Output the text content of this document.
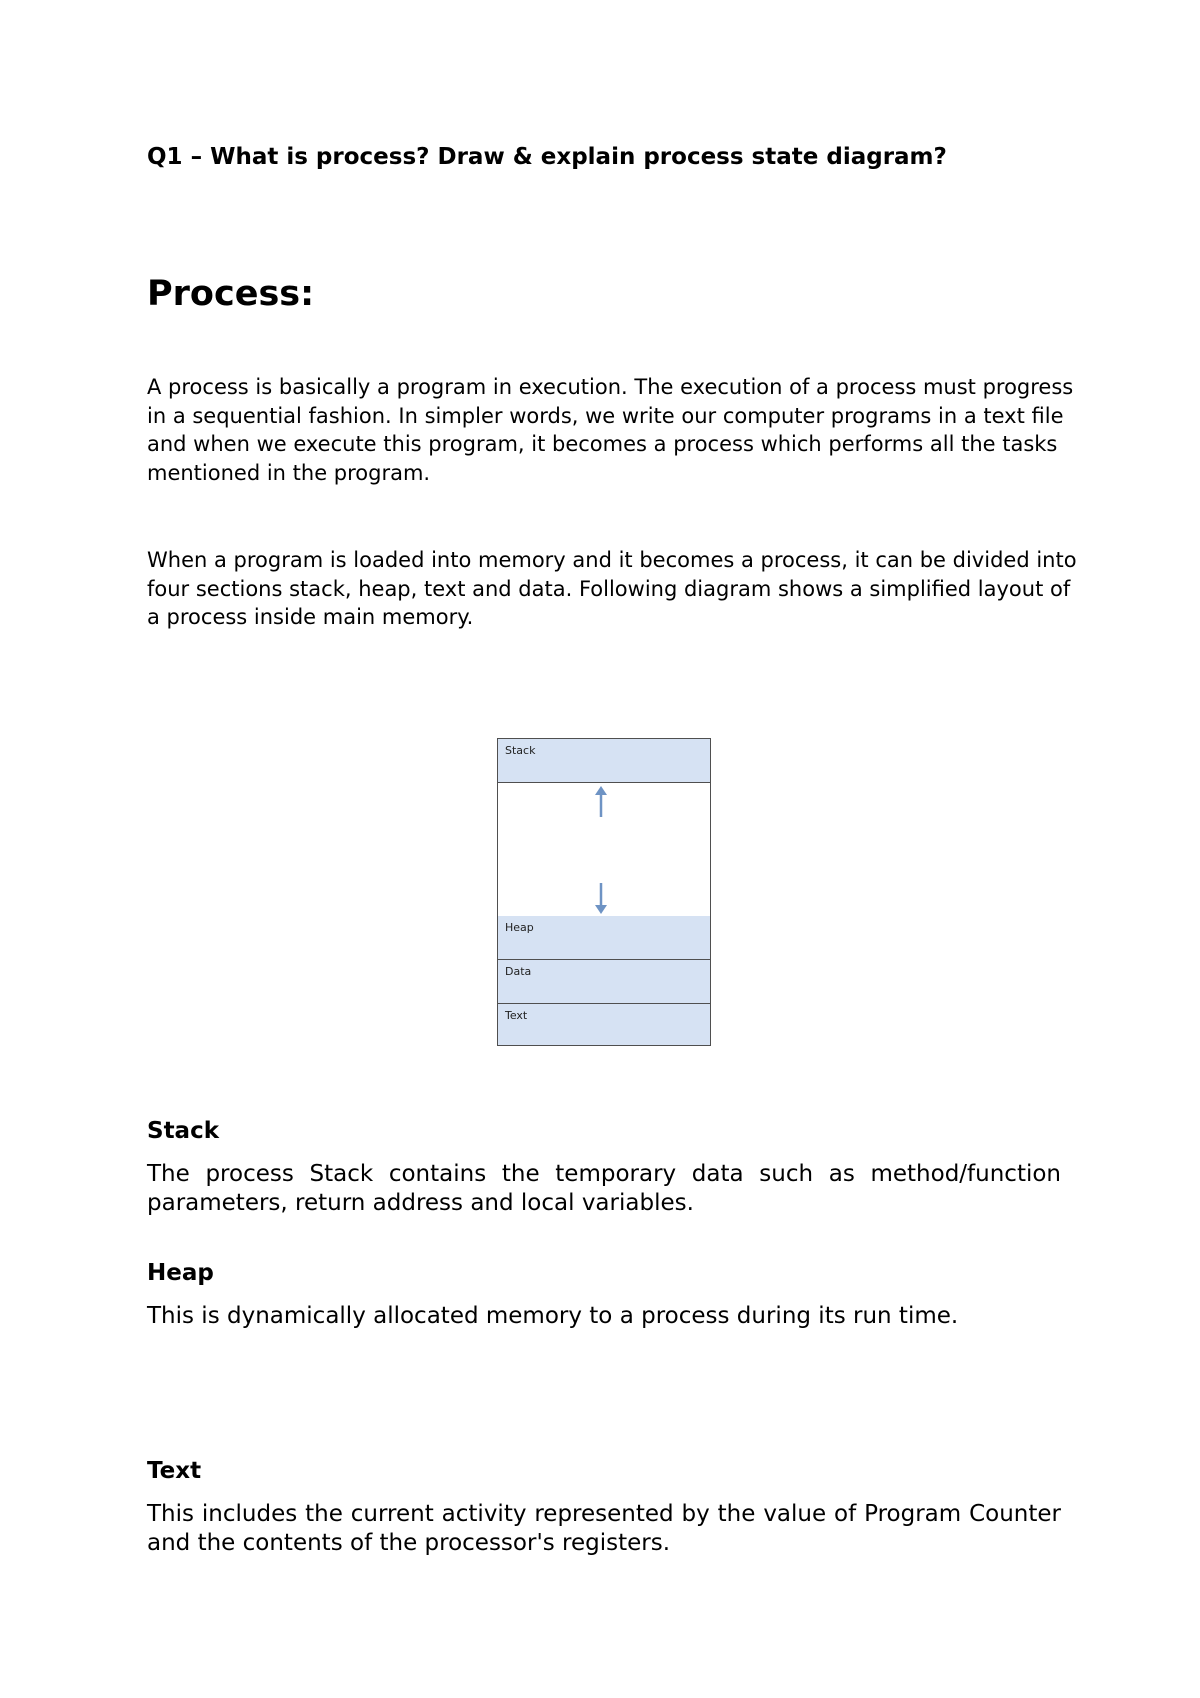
Q1 – What is process? Draw & explain process state diagram?

Process:

A process is basically a program in execution. The execution of a process must progress in a sequential fashion. In simpler words, we write our computer programs in a text file and when we execute this program, it becomes a process which performs all the tasks mentioned in the program.

When a program is loaded into memory and it becomes a process, it can be divided into four sections stack, heap, text and data. Following diagram shows a simplified layout of a process inside main memory.

Stack
Heap
Data
Text
Stack

The process Stack contains the temporary data such as method/function parameters, return address and local variables.

Heap

This is dynamically allocated memory to a process during its run time.

Text

This includes the current activity represented by the value of Program Counter and the contents of the processor's registers.
